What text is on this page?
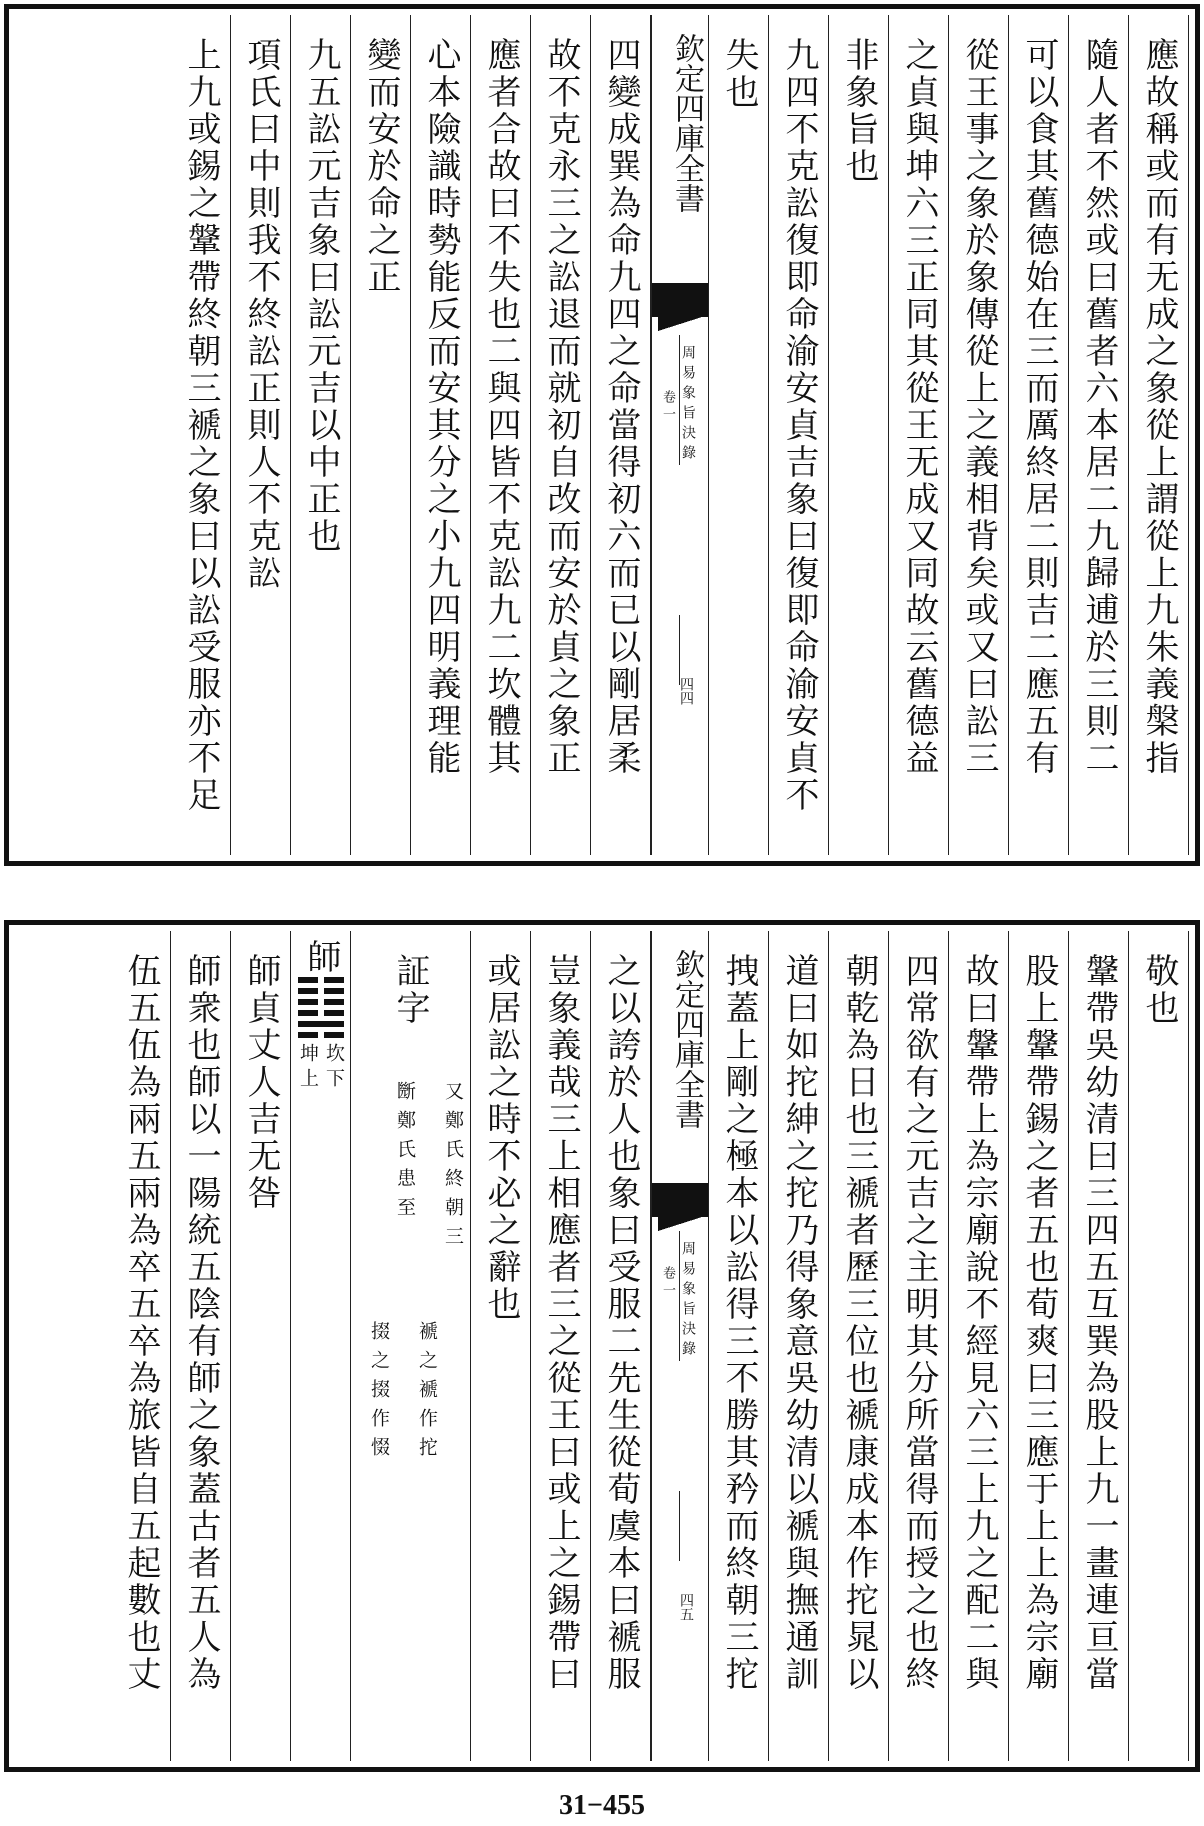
應故稱或而有无成之象從上謂從上九朱義槃指
隨人者不然或曰舊者六本居二九歸逋於三則二
可以食其舊德始在三而厲終居二則吉二應五有
從王事之象於象傳從上之義相背矣或又曰訟三
之貞與坤六三正同其從王无成又同故云舊德益
非象旨也
九四不克訟復即命渝安貞吉象曰復即命渝安貞不
失也
欽定四庫全書
卷一 周易象旨決錄
四四
四變成巽為命九四之命當得初六而已以剛居柔
故不克永三之訟退而就初自改而安於貞之象正
應者合故曰不失也二與四皆不克訟九二坎體其
心本險識時勢能反而安其分之小九四明義理能
變而安於命之正
九五訟元吉象曰訟元吉以中正也
項氏曰中則我不終訟正則人不克訟
上九或錫之鞶帶終朝三褫之象曰以訟受服亦不足
敬也
鞶帶吳幼清曰三四五互巽為股上九一畫連亘當
股上鞶帶錫之者五也荀爽曰三應于上上為宗廟
故曰鞶帶上為宗廟說不經見六三上九之配二與
四常欲有之元吉之主明其分所當得而授之也終
朝乾為日也三褫者歷三位也褫康成本作拕晁以
道曰如拕紳之拕乃得象意吳幼清以褫與撫通訓
拽蓋上剛之極本以訟得三不勝其矜而終朝三拕
欽定四庫全書
卷一 周易象旨決錄
四五
之以誇於人也象曰受服二先生從荀虞本曰褫服
豈象義哉三上相應者三之從王曰或上之錫帶曰
或居訟之時不必之辭也
証字
又鄭氏終朝三
褫之褫作拕
㫁鄭氏患至
掇之掇作惙
師
坎下
坤上
師貞丈人吉无咎
師衆也師以一陽統五陰有師之象蓋古者五人為
伍五伍為兩五兩為卒五卒為旅皆自五起數也丈
31−455
